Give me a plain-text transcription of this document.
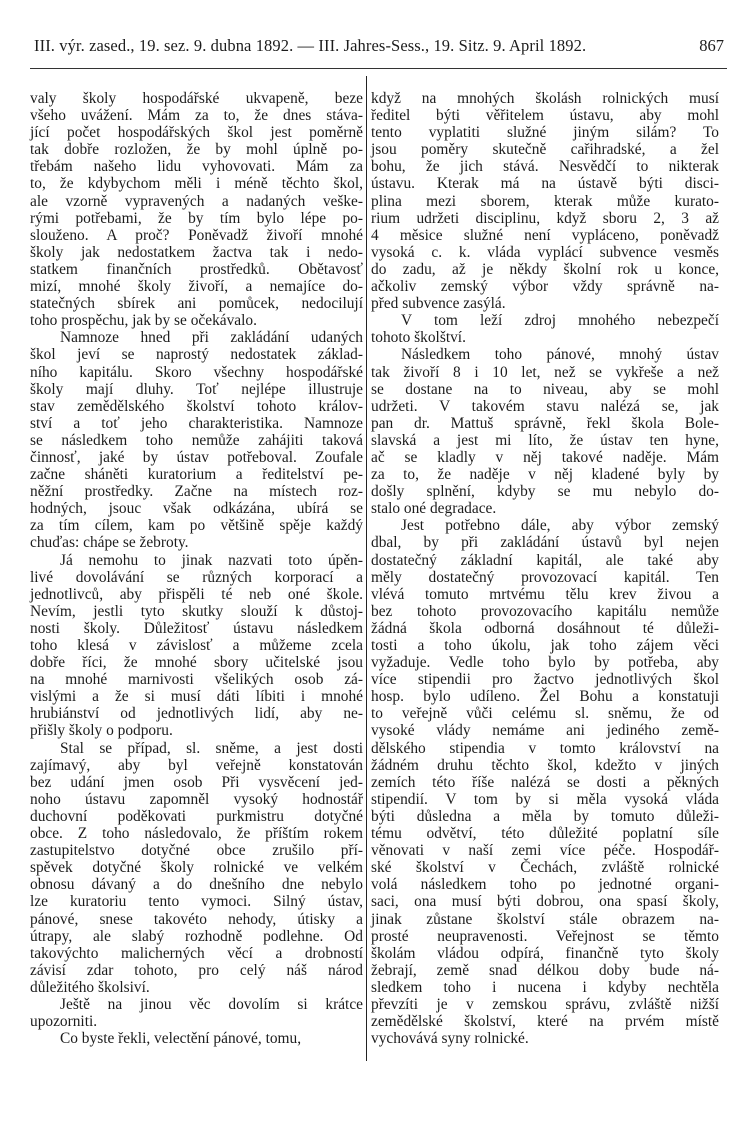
III. výr. zased., 19. sez. 9. dubna 1892. — III. Jahres-Sess., 19. Sitz. 9. April 1892.	867
valy školy hospodářské ukvapeně, beze
všeho uvážení. Mám za to, že dnes stáva-
jící počet hospodářských škol jest poměrně
tak dobře rozložen, že by mohl úplně po-
třebám našeho lidu vyhovovati. Mám za
to, že kdybychom měli i méně těchto škol,
ale vzorně vypravených a nadaných veške-
rými potřebami, že by tím bylo lépe po-
slouženo. A proč? Poněvadž živoří mnohé
školy jak nedostatkem žactva tak i nedo-
statkem finančních prostředků. Obětavosť
mizí, mnohé školy živoří, a nemajíce do-
statečných sbírek ani pomůcek, nedocilují
toho prospěchu, jak by se očekávalo.
Namnoze hned při zakládání udaných
škol jeví se naprostý nedostatek základ-
ního kapitálu. Skoro všechny hospodářské
školy mají dluhy. Toť nejlépe illustruje
stav zemědělského školství tohoto králov-
ství a toť jeho charakteristika. Namnoze
se následkem toho nemůže zahájiti taková
činnosť, jaké by ústav potřeboval. Zoufale
začne sháněti kuratorium a ředitelství pe-
něžní prostředky. Začne na místech roz-
hodných, jsouc však odkázána, ubírá se
za tím cílem, kam po většině spěje každý
chuďas: chápe se žebroty.
Já nemohu to jinak nazvati toto úpěn-
livé dovolávání se různých korporací a
jednotlivců, aby přispěli té neb oné škole.
Nevím, jestli tyto skutky slouží k důstoj-
nosti školy. Důležitosť ústavu následkem
toho klesá v závislosť a můžeme zcela
dobře říci, že mnohé sbory učitelské jsou
na mnohé marnivosti všelikých osob zá-
vislými a že si musí dáti líbiti i mnohé
hrubiánství od jednotlivých lidí, aby ne-
přišly školy o podporu.
Stal se případ, sl. sněme, a jest dosti
zajímavý, aby byl veřejně konstatován
bez udání jmen osob Při vysvěcení jed-
noho ústavu zapomněl vysoký hodnostář
duchovní poděkovati purkmistru dotyčné
obce. Z toho následovalo, že příštím rokem
zastupitelstvo dotyčné obce zrušilo pří-
spěvek dotyčné školy rolnické ve velkém
obnosu dávaný a do dnešního dne nebylo
lze kuratoriu tento vymoci. Silný ústav,
pánové, snese takovéto nehody, útisky a
útrapy, ale slabý rozhodně podlehne. Od
takovýchto malicherných věcí a drobností
závisí zdar tohoto, pro celý náš národ
důležitého školsiví.
Ještě na jinou věc dovolím si krátce
upozorniti.
Co byste řekli, velectění pánové, tomu,
když na mnohých školásh rolnických musí
ředitel býti věřitelem ústavu, aby mohl
tento vyplatiti služné jiným silám? To
jsou poměry skutečně cařihradské, a žel
bohu, že jich stává. Nesvědčí to nikterak
ústavu. Kterak má na ústavě býti disci-
plina mezi sborem, kterak může kurato-
rium udržeti disciplinu, když sboru 2, 3 až
4 měsice služné není vypláceno, poněvadž
vysoká c. k. vláda vyplácí subvence vesměs
do zadu, až je někdy školní rok u konce,
ačkoliv zemský výbor vždy správně na-
před subvence zasýlá.
V tom leží zdroj mnohého nebezpečí
tohoto školštví.
Následkem toho pánové, mnohý ústav
tak živoří 8 i 10 let, než se vykřeše a než
se dostane na to niveau, aby se mohl
udržeti. V takovém stavu nalézá se, jak
pan dr. Mattuš správně, řekl škola Bole-
slavská a jest mi líto, že ústav ten hyne,
ač se kladly v něj takové naděje. Mám
za to, že naděje v něj kladené byly by
došly splnění, kdyby se mu nebylo do-
stalo oné degradace.
Jest potřebno dále, aby výbor zemský
dbal, by při zakládání ústavů byl nejen
dostatečný základní kapitál, ale také aby
měly dostatečný provozovací kapitál. Ten
vlévá tomuto mrtvému tělu krev živou a
bez tohoto provozovacího kapitálu nemůže
žádná škola odborná dosáhnout té důleži-
tosti a toho úkolu, jak toho zájem věci
vyžaduje. Vedle toho bylo by potřeba, aby
více stipendii pro žactvo jednotlivých škol
hosp. bylo udíleno. Žel Bohu a konstatuji
to veřejně vůči celému sl. sněmu, že od
vysoké vlády nemáme ani jediného země-
dělského stipendia v tomto království na
žádném druhu těchto škol, kdežto v jiných
zemích této říše nalézá se dosti a pěkných
stipendií. V tom by si měla vysoká vláda
býti důsledna a měla by tomuto důleži-
tému odvětví, této důležité poplatní síle
věnovati v naší zemi více péče. Hospodář-
ské školství v Čechách, zvláště rolnické
volá následkem toho po jednotné organi-
saci, ona musí býti dobrou, ona spasí školy,
jinak zůstane školství stále obrazem na-
prosté neupravenosti. Veřejnost se těmto
školám vládou odpírá, finančně tyto školy
žebrají, země snad délkou doby bude ná-
sledkem toho i nucena i kdyby nechtěla
převzíti je v zemskou správu, zvláště nižší
zemědělské školství, které na prvém místě
vychovává syny rolnické.
